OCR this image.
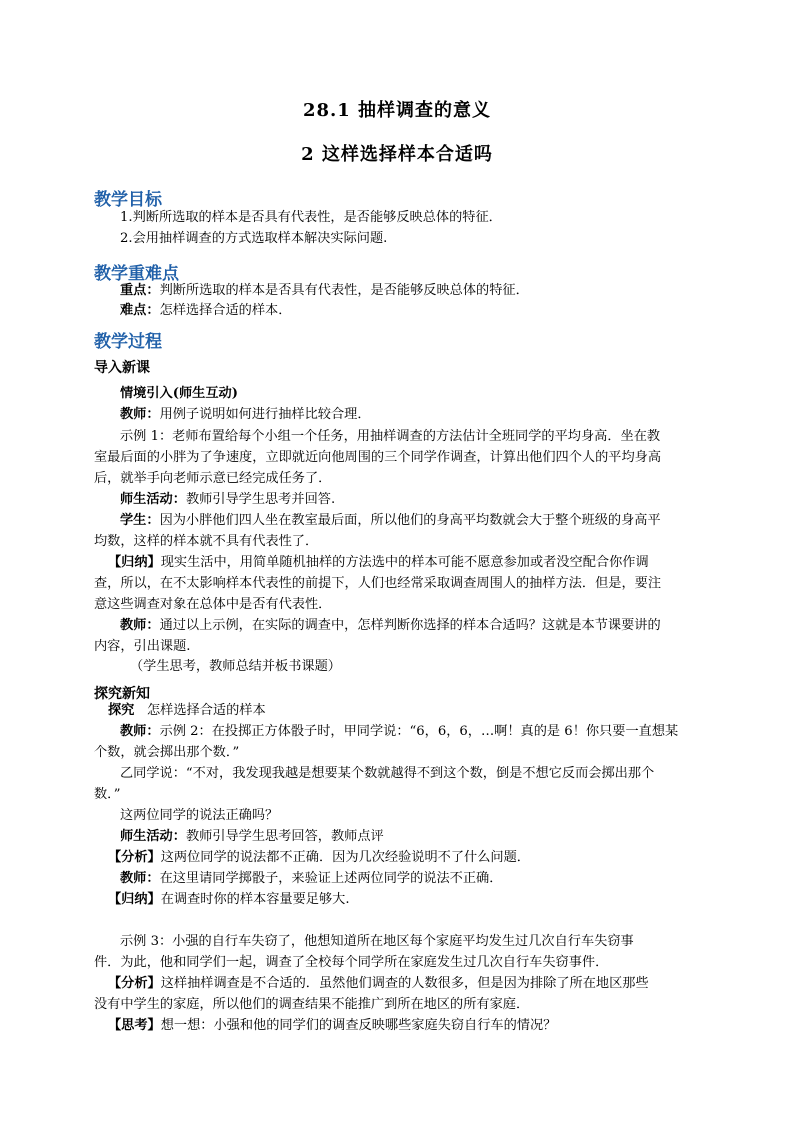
28.1 抽样调查的意义
2 这样选择样本合适吗
教学目标
1.判断所选取的样本是否具有代表性，是否能够反映总体的特征．
2.会用抽样调查的方式选取样本解决实际问题.
教学重难点
重点：判断所选取的样本是否具有代表性，是否能够反映总体的特征．
难点：怎样选择合适的样本．
教学过程
导入新课
情境引入(师生互动)
教师：用例子说明如何进行抽样比较合理．
示例 1：老师布置给每个小组一个任务，用抽样调查的方法估计全班同学的平均身高．坐在教
室最后面的小胖为了争速度，立即就近向他周围的三个同学作调查，计算出他们四个人的平均身高
后，就举手向老师示意已经完成任务了．
师生活动：教师引导学生思考并回答.
学生：因为小胖他们四人坐在教室最后面，所以他们的身高平均数就会大于整个班级的身高平
均数，这样的样本就不具有代表性了．
【归纳】现实生活中，用简单随机抽样的方法选中的样本可能不愿意参加或者没空配合你作调
查，所以，在不太影响样本代表性的前提下，人们也经常采取调查周围人的抽样方法．但是，要注
意这些调查对象在总体中是否有代表性．
教师：通过以上示例，在实际的调查中，怎样判断你选择的样本合适吗？这就是本节课要讲的
内容，引出课题.
（学生思考，教师总结并板书课题）
探究新知
探究 怎样选择合适的样本
教师：示例 2：在投掷正方体骰子时，甲同学说：“6，6，6，…啊！真的是 6！你只要一直想某
个数，就会掷出那个数．”
乙同学说：“不对，我发现我越是想要某个数就越得不到这个数，倒是不想它反而会掷出那个
数．”
这两位同学的说法正确吗？
师生活动：教师引导学生思考回答，教师点评
【分析】这两位同学的说法都不正确．因为几次经验说明不了什么问题．
教师：在这里请同学掷骰子，来验证上述两位同学的说法不正确．
【归纳】在调查时你的样本容量要足够大.
示例 3：小强的自行车失窃了，他想知道所在地区每个家庭平均发生过几次自行车失窃事
件．为此，他和同学们一起，调查了全校每个同学所在家庭发生过几次自行车失窃事件．
【分析】这样抽样调查是不合适的．虽然他们调查的人数很多，但是因为排除了所在地区那些
没有中学生的家庭，所以他们的调查结果不能推广到所在地区的所有家庭．
【思考】想一想：小强和他的同学们的调查反映哪些家庭失窃自行车的情况？
